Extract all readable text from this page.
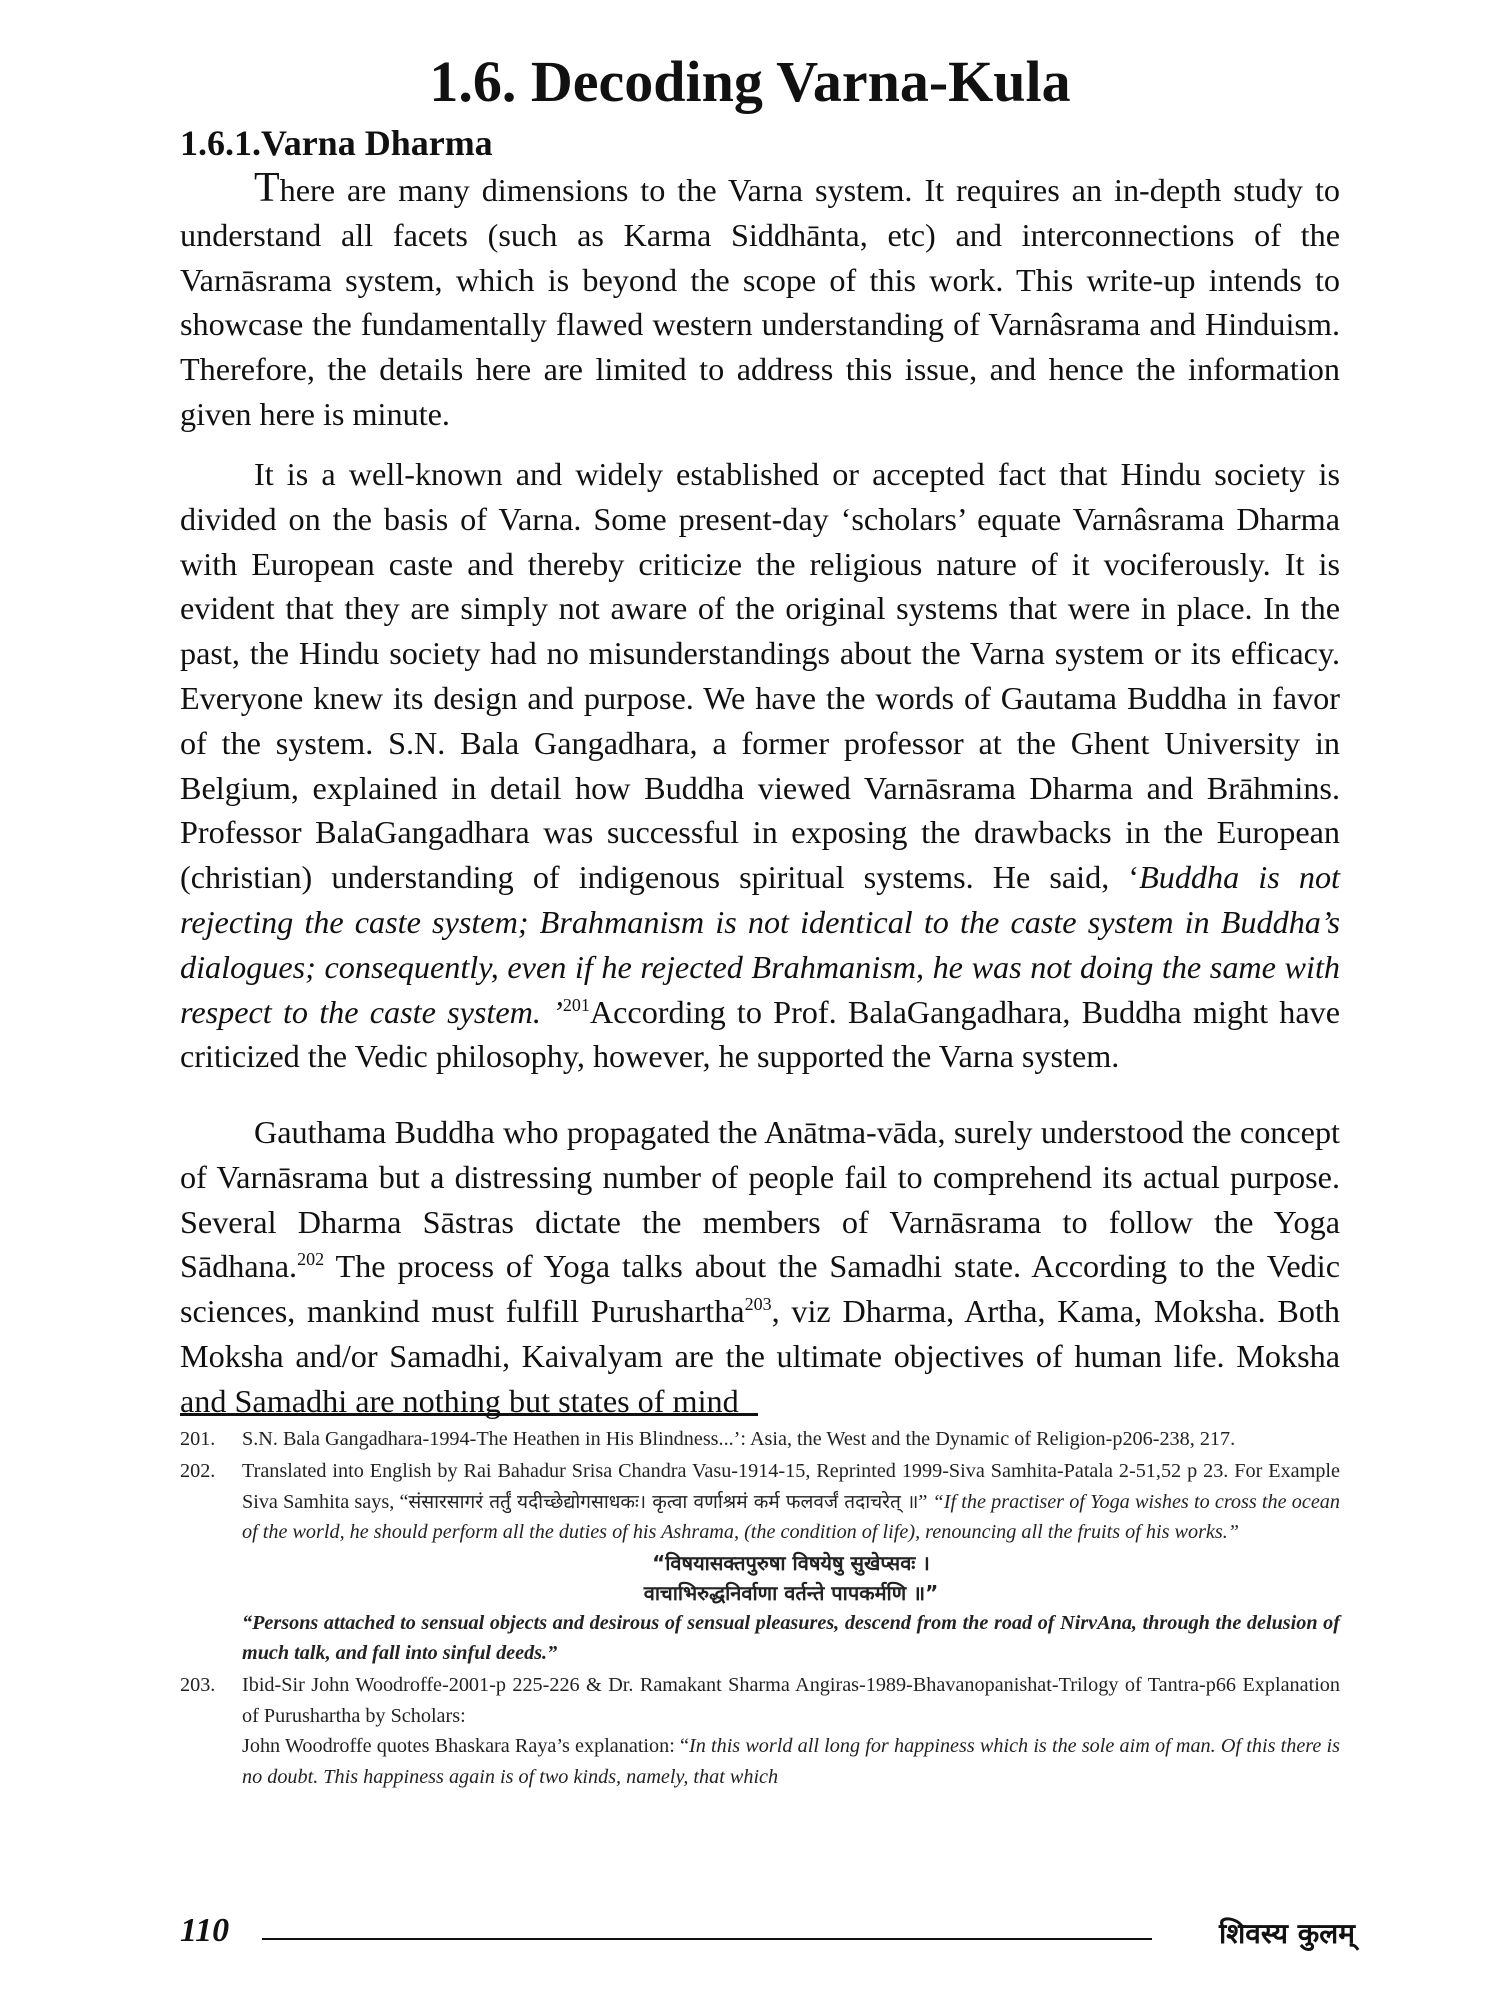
1.6. Decoding Varna-Kula
1.6.1.Varna Dharma

There are many dimensions to the Varna system. It requires an in-depth study to understand all facets (such as Karma Siddhānta, etc) and interconnections of the Varnāsrama system, which is beyond the scope of this work. This write-up intends to showcase the fundamentally flawed western understanding of Varnâsrama and Hinduism. Therefore, the details here are limited to address this issue, and hence the information given here is minute.

It is a well-known and widely established or accepted fact that Hindu society is divided on the basis of Varna. Some present-day ‘scholars’ equate Varnâsrama Dharma with European caste and thereby criticize the religious nature of it vociferously. It is evident that they are simply not aware of the original systems that were in place. In the past, the Hindu society had no misunderstandings about the Varna system or its efficacy. Everyone knew its design and purpose. We have the words of Gautama Buddha in favor of the system. S.N. Bala Gangadhara, a former professor at the Ghent University in Belgium, explained in detail how Buddha viewed Varnāsrama Dharma and Brāhmins. Professor BalaGangadhara was successful in exposing the drawbacks in the European (christian) understanding of indigenous spiritual systems. He said, ‘Buddha is not rejecting the caste system; Brahmanism is not identical to the caste system in Buddha’s dialogues; consequently, even if he rejected Brahmanism, he was not doing the same with respect to the caste system. ’$^{201}$According to Prof. BalaGangadhara, Buddha might have criticized the Vedic philosophy, however, he supported the Varna system.

Gauthama Buddha who propagated the Anātma-vāda, surely understood the concept of Varnāsrama but a distressing number of people fail to comprehend its actual purpose. Several Dharma Sāstras dictate the members of Varnāsrama to follow the Yoga Sādhana.$^{202}$ The process of Yoga talks about the Samadhi state. According to the Vedic sciences, mankind must fulfill Purushartha$^{203}$, viz Dharma, Artha, Kama, Moksha. Both Moksha and/or Samadhi, Kaivalyam are the ultimate objectives of human life. Moksha and Samadhi are nothing but states of mind

201. S.N. Bala Gangadhara-1994-The Heathen in His Blindness...’: Asia, the West and the Dynamic of Religion-p206-238, 217.
202. Translated into English by Rai Bahadur Srisa Chandra Vasu-1914-15, Reprinted 1999-Siva Samhita-Patala 2-51,52 p 23. For Example Siva Samhita says, “संसारसागरं तर्तुं यदीच्छेद्योगसाधकः। कृत्वा वर्णाश्रमं कर्म फलवर्जं तदाचरेत् ॥” “If the practiser of Yoga wishes to cross the ocean of the world, he should perform all the duties of his Ashrama, (the condition of life), renouncing all the fruits of his works.”
“विषयासक्तपुरुषा विषयेषु सुखेप्सवः ।
वाचाभिरुद्धनिर्वाणा वर्तन्ते पापकर्मणि ॥”
“Persons attached to sensual objects and desirous of sensual pleasures, descend from the road of NirvAna, through the delusion of much talk, and fall into sinful deeds.”
203. Ibid-Sir John Woodroffe-2001-p 225-226 & Dr. Ramakant Sharma Angiras-1989-Bhavanopanishat-Trilogy of Tantra-p66 Explanation of Purushartha by Scholars:
John Woodroffe quotes Bhaskara Raya’s explanation: “In this world all long for happiness which is the sole aim of man. Of this there is no doubt. This happiness again is of two kinds, namely, that which
110	शिवस्य कुलम्
